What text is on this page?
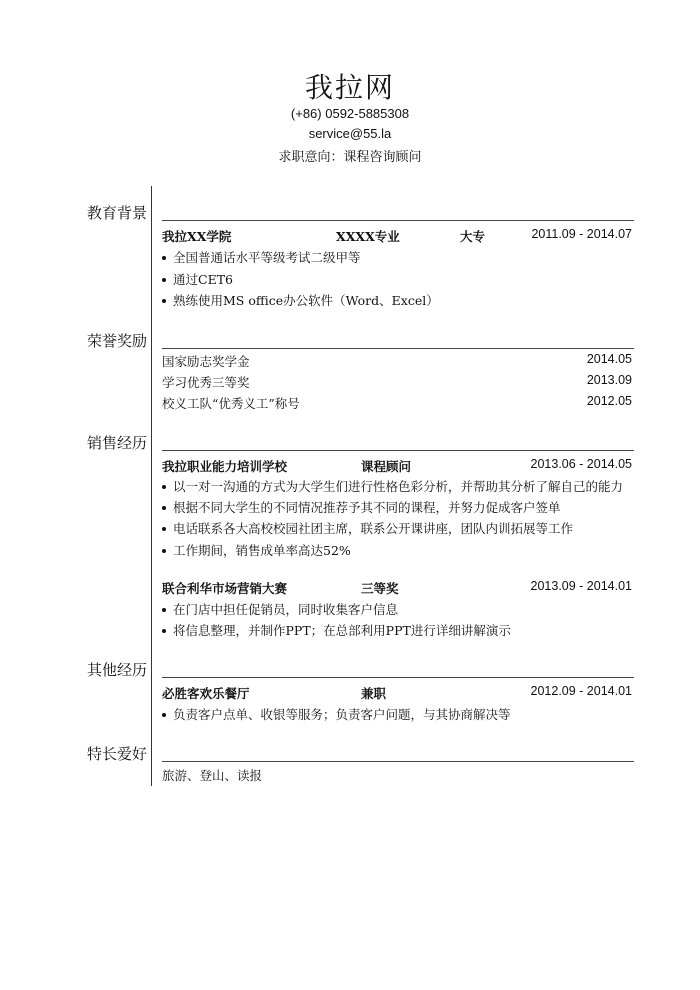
我拉网
(+86) 0592-5885308
service@55.la
求职意向：课程咨询顾问
教育背景
我拉XX学院	XXXX专业	大专	2011.09 - 2014.07
全国普通话水平等级考试二级甲等
通过CET6
熟练使用MS office办公软件（Word、Excel）
荣誉奖励
国家励志奖学金	2014.05
学习优秀三等奖	2013.09
校义工队“优秀义工”称号	2012.05
销售经历
我拉职业能力培训学校	课程顾问	2013.06 - 2014.05
以一对一沟通的方式为大学生们进行性格色彩分析，并帮助其分析了解自己的能力
根据不同大学生的不同情况推荐予其不同的课程，并努力促成客户签单
电话联系各大高校校园社团主席，联系公开课讲座，团队内训拓展等工作
工作期间，销售成单率高达52%
联合利华市场营销大赛	三等奖	2013.09 - 2014.01
在门店中担任促销员，同时收集客户信息
将信息整理，并制作PPT；在总部利用PPT进行详细讲解演示
其他经历
必胜客欢乐餐厅	兼职	2012.09 - 2014.01
负责客户点单、收银等服务；负责客户问题，与其协商解决等
特长爱好
旅游、登山、读报
